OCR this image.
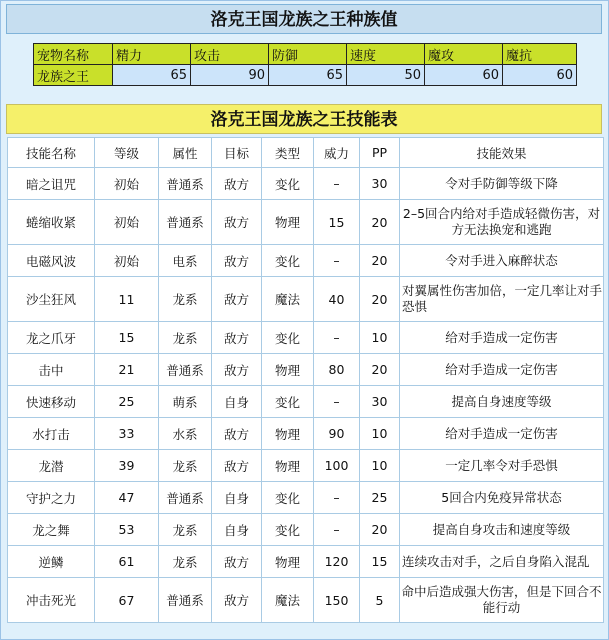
洛克王国龙族之王种族值
宠物名称	精力	攻击	防御	速度	魔攻	魔抗
龙族之王	65	90	65	50	60	60
洛克王国龙族之王技能表
技能名称	等级	属性	目标	类型	威力	PP	技能效果
暗之诅咒	初始	普通系	敌方	变化	–	30	令对手防御等级下降
蜷缩收紧	初始	普通系	敌方	物理	15	20	2–5回合内给对手造成轻微伤害，对方无法换宠和逃跑
电磁风波	初始	电系	敌方	变化	–	20	令对手进入麻醉状态
沙尘狂风	11	龙系	敌方	魔法	40	20	对翼属性伤害加倍，一定几率让对手恐惧
龙之爪牙	15	龙系	敌方	变化	–	10	给对手造成一定伤害
击中	21	普通系	敌方	物理	80	20	给对手造成一定伤害
快速移动	25	萌系	自身	变化	–	30	提高自身速度等级
水打击	33	水系	敌方	物理	90	10	给对手造成一定伤害
龙潜	39	龙系	敌方	物理	100	10	一定几率令对手恐惧
守护之力	47	普通系	自身	变化	–	25	5回合内免疫异常状态
龙之舞	53	龙系	自身	变化	–	20	提高自身攻击和速度等级
逆鳞	61	龙系	敌方	物理	120	15	连续攻击对手，之后自身陷入混乱
冲击死光	67	普通系	敌方	魔法	150	5	命中后造成强大伤害，但是下回合不能行动
